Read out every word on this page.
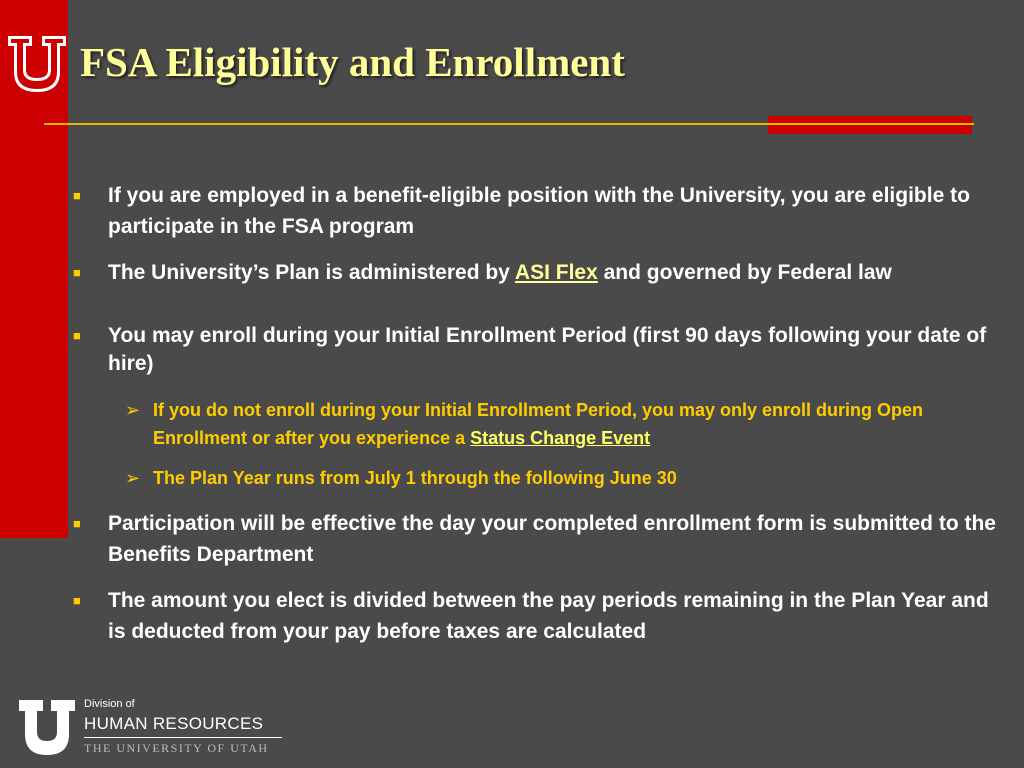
FSA Eligibility and Enrollment
■ If you are employed in a benefit-eligible position with the University, you are eligible to participate in the FSA program
■ The University’s Plan is administered by ASI Flex and governed by Federal law
■ You may enroll during your Initial Enrollment Period (first 90 days following your date of hire)
➢ If you do not enroll during your Initial Enrollment Period, you may only enroll during Open Enrollment or after you experience a Status Change Event
➢ The Plan Year runs from July 1 through the following June 30
■ Participation will be effective the day your completed enrollment form is submitted to the Benefits Department
■ The amount you elect is divided between the pay periods remaining in the Plan Year and is deducted from your pay before taxes are calculated
Division of
HUMAN RESOURCES
THE UNIVERSITY OF UTAH
